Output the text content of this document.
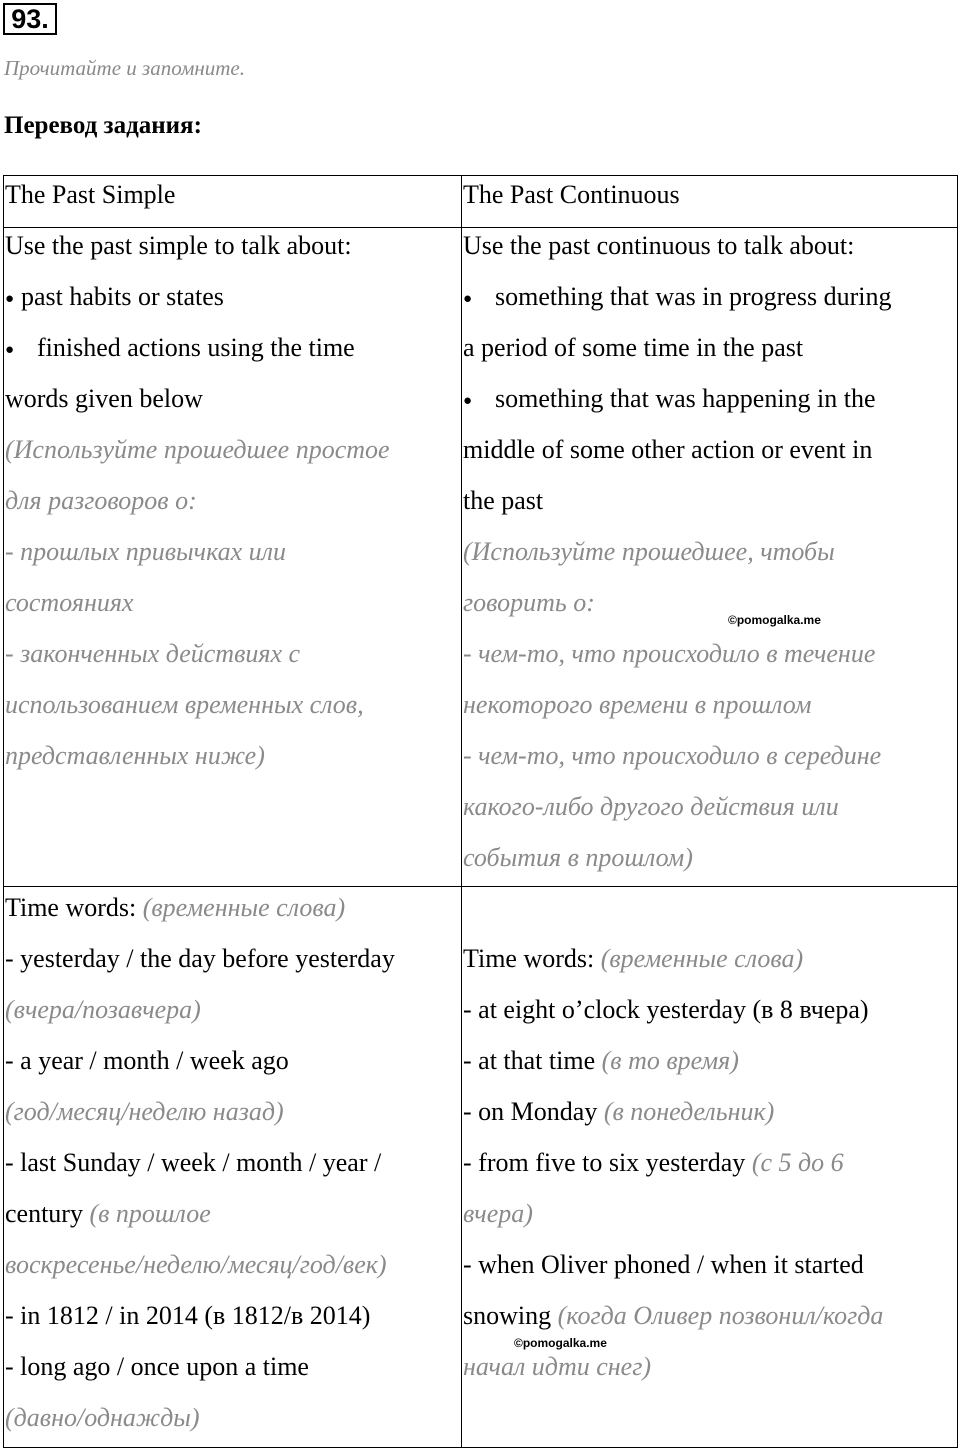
93.
Прочитайте и запомните.
Перевод задания:
The Past Simple	The Past Continuous
Use the past simple to talk about:
● past habits or states
● finished actions using the time
words given below
(Используйте прошедшее простое
для разговоров о:
- прошлых привычках или
состояниях
- законченных действиях с
использованием временных слов,
представленных ниже)
Use the past continuous to talk about:
● something that was in progress during
a period of some time in the past
● something that was happening in the
middle of some other action or event in
the past
(Используйте прошедшее, чтобы
говорить о:
- чем-то, что происходило в течение
некоторого времени в прошлом
- чем-то, что происходило в середине
какого-либо другого действия или
события в прошлом)
Time words: (временные слова)
- yesterday / the day before yesterday
(вчера/позавчера)
- a year / month / week ago
(год/месяц/неделю назад)
- last Sunday / week / month / year /
century (в прошлое
воскресенье/неделю/месяц/год/век)
- in 1812 / in 2014 (в 1812/в 2014)
- long ago / once upon a time
(давно/однажды)
Time words: (временные слова)
- at eight o’clock yesterday (в 8 вчера)
- at that time (в то время)
- on Monday (в понедельник)
- from five to six yesterday (с 5 до 6
вчера)
- when Oliver phoned / when it started
snowing (когда Оливер позвонил/когда
начал идти снег)
©pomogalka.me
©pomogalka.me
